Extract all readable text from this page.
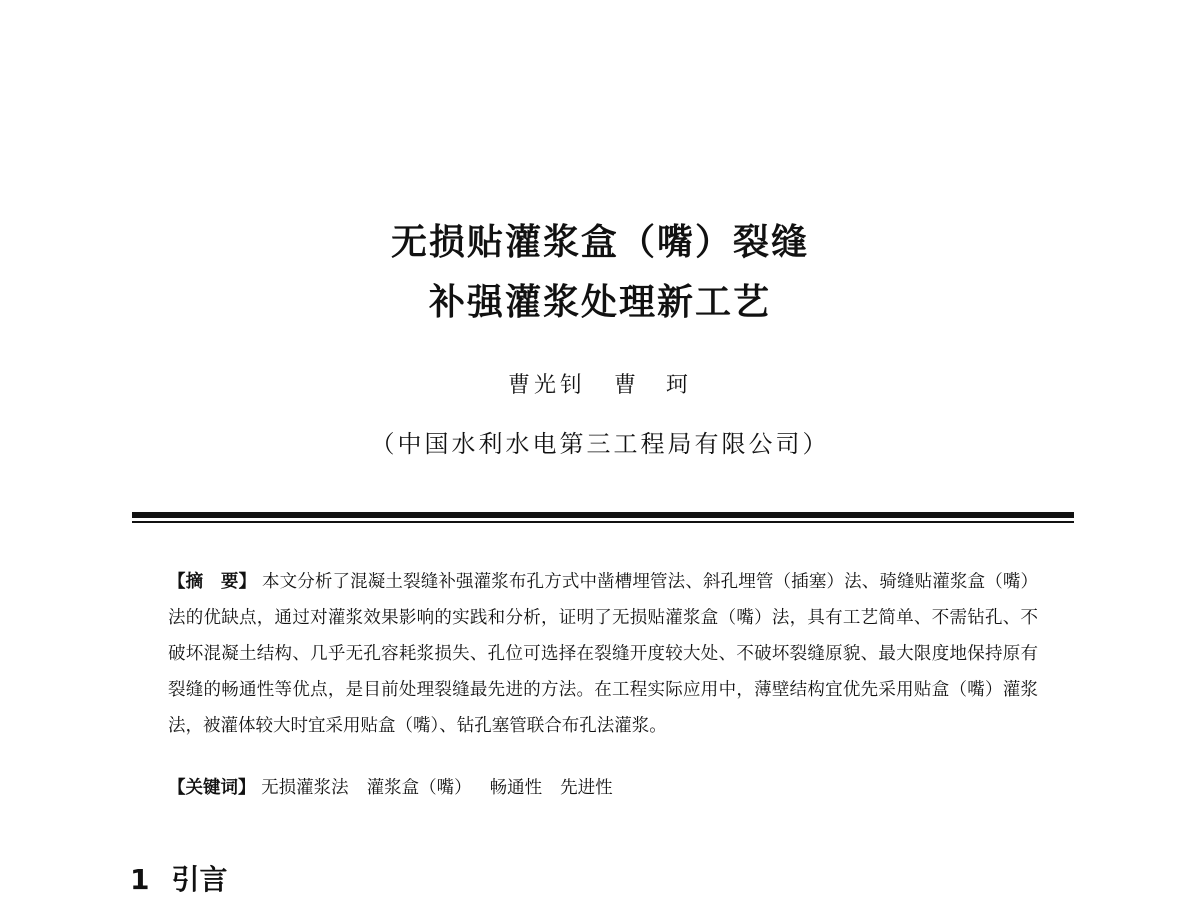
无损贴灌浆盒（嘴）裂缝
补强灌浆处理新工艺
曹光钊 曹　珂
（中国水利水电第三工程局有限公司）
【摘　要】 本文分析了混凝土裂缝补强灌浆布孔方式中凿槽埋管法、斜孔埋管（插塞）法、骑缝贴灌浆盒（嘴）法的优缺点，通过对灌浆效果影响的实践和分析，证明了无损贴灌浆盒（嘴）法，具有工艺简单、不需钻孔、不破坏混凝土结构、几乎无孔容耗浆损失、孔位可选择在裂缝开度较大处、不破坏裂缝原貌、最大限度地保持原有裂缝的畅通性等优点，是目前处理裂缝最先进的方法。在工程实际应用中，薄壁结构宜优先采用贴盒（嘴）灌浆法，被灌体较大时宜采用贴盒（嘴）、钻孔塞管联合布孔法灌浆。
【关键词】 无损灌浆法 灌浆盒（嘴） 畅通性 先进性
1 引言
